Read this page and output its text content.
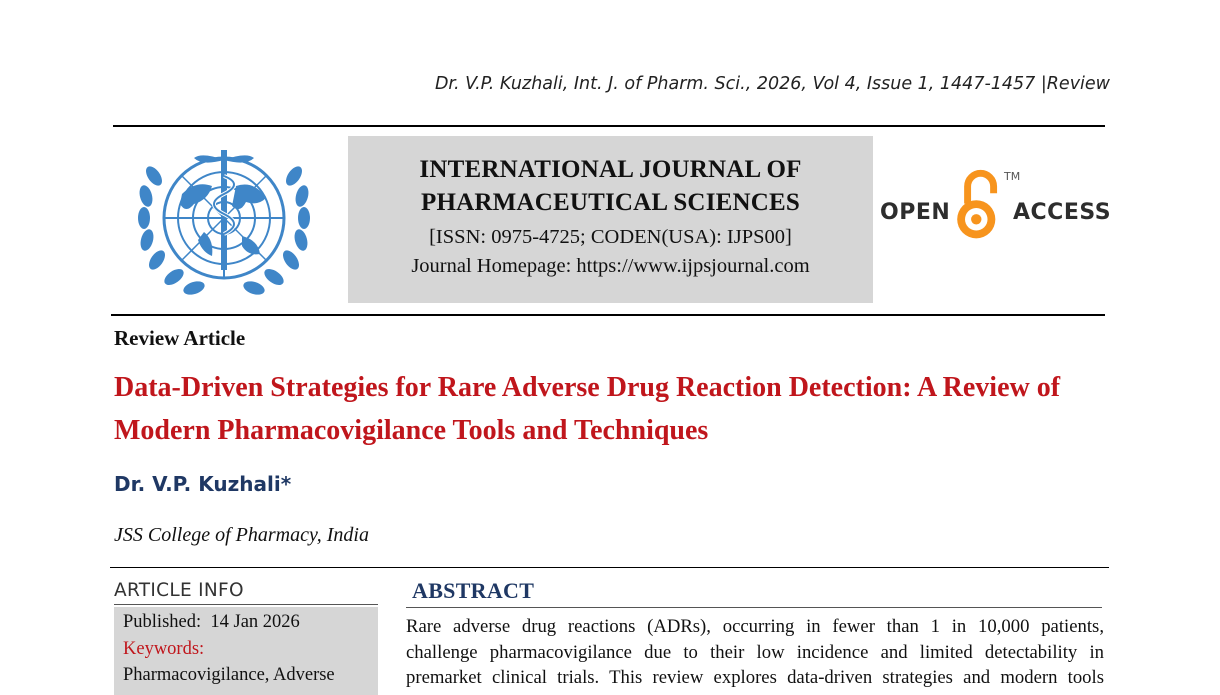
Dr. V.P. Kuzhali, Int. J. of Pharm. Sci., 2026, Vol 4, Issue 1, 1447-1457 |Review
INTERNATIONAL JOURNAL OF
PHARMACEUTICAL SCIENCES
[ISSN: 0975-4725; CODEN(USA): IJPS00]
Journal Homepage: https://www.ijpsjournal.com
OPEN
TM
ACCESS
Review Article
Data-Driven Strategies for Rare Adverse Drug Reaction Detection: A Review of Modern Pharmacovigilance Tools and Techniques
Dr. V.P. Kuzhali*
JSS College of Pharmacy, India
ARTICLE INFO
Published: 14 Jan 2026
Keywords:
Pharmacovigilance, Adverse
ABSTRACT
Rare adverse drug reactions (ADRs), occurring in fewer than 1 in 10,000 patients,
challenge pharmacovigilance due to their low incidence and limited detectability in
premarket clinical trials. This review explores data-driven strategies and modern tools
